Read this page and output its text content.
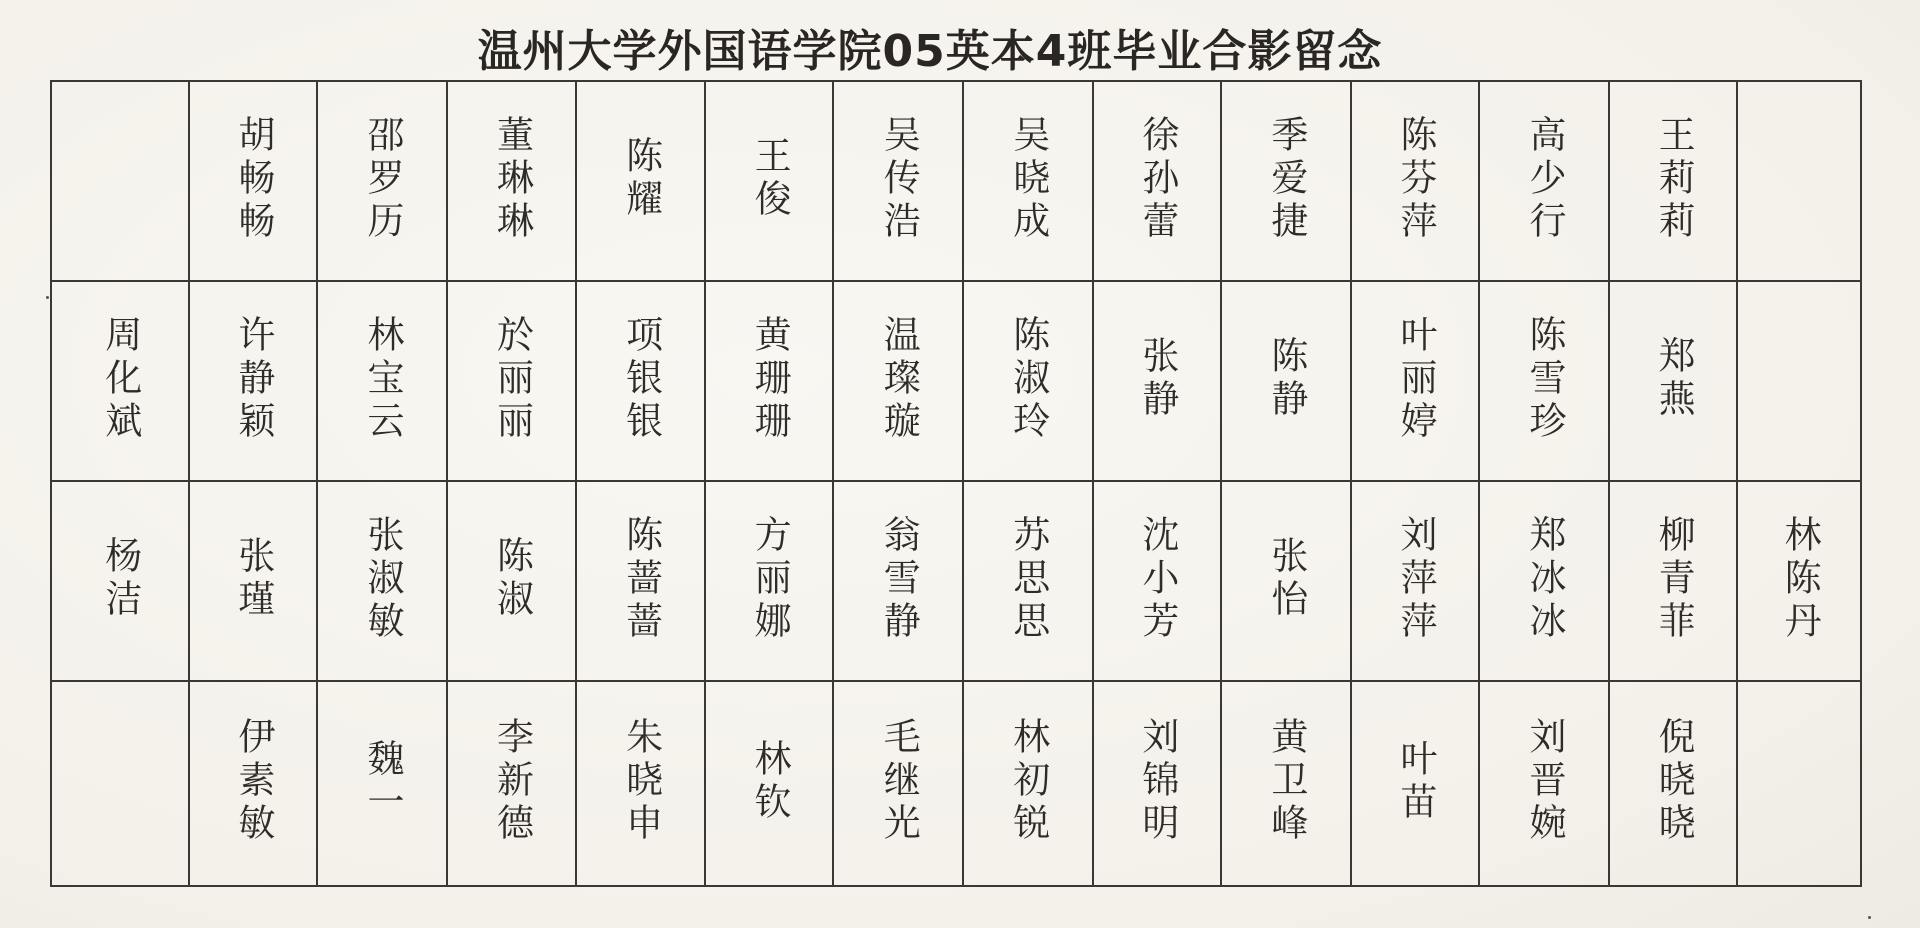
温州大学外国语学院05英本4班毕业合影留念
	胡畅畅	邵罗历	董琳琳	陈耀	王俊	吴传浩	吴晓成	徐孙蕾	季爱捷	陈芬萍	高少行	王莉莉	
周化斌	许静颖	林宝云	於丽丽	项银银	黄珊珊	温璨璇	陈淑玲	张静	陈静	叶丽婷	陈雪珍	郑燕	
杨洁	张瑾	张淑敏	陈淑	陈蔷蔷	方丽娜	翁雪静	苏思思	沈小芳	张怡	刘萍萍	郑冰冰	柳青菲	林陈丹
	伊素敏	魏一	李新德	朱晓申	林钦	毛继光	林初锐	刘锦明	黄卫峰	叶苗	刘晋婉	倪晓晓	
